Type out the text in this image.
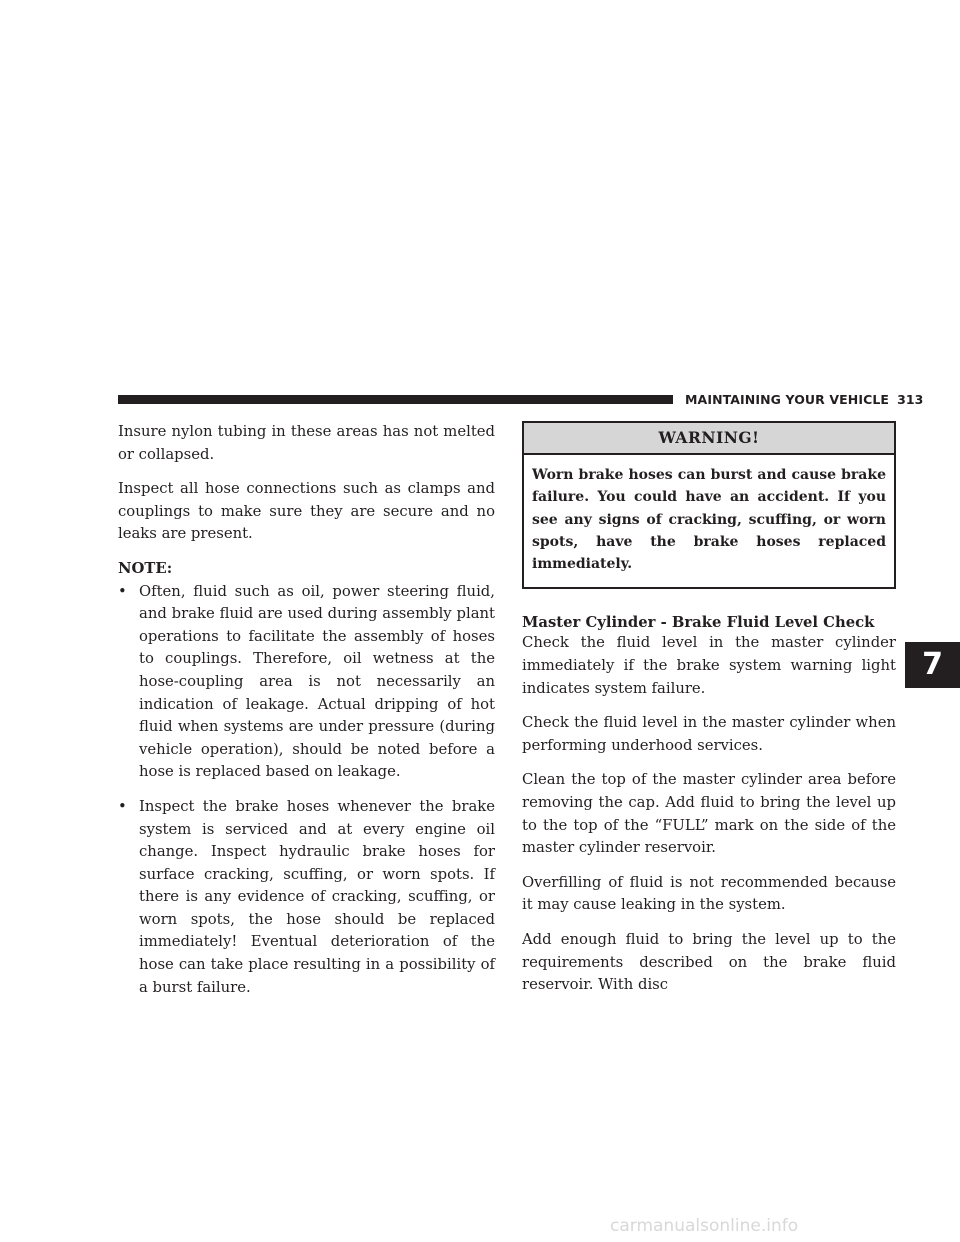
MAINTAINING YOUR VEHICLE 313

Insure nylon tubing in these areas has not melted or collapsed.

Inspect all hose connections such as clamps and couplings to make sure they are secure and no leaks are present.

NOTE:
• Often, fluid such as oil, power steering fluid, and brake fluid are used during assembly plant operations to facilitate the assembly of hoses to couplings. Therefore, oil wetness at the hose-coupling area is not necessarily an indication of leakage. Actual dripping of hot fluid when systems are under pressure (during vehicle operation), should be noted before a hose is replaced based on leakage.
• Inspect the brake hoses whenever the brake system is serviced and at every engine oil change. Inspect hydraulic brake hoses for surface cracking, scuffing, or worn spots. If there is any evidence of cracking, scuffing, or worn spots, the hose should be replaced immediately! Eventual deterioration of the hose can take place resulting in a possibility of a burst failure.
WARNING!
Worn brake hoses can burst and cause brake failure. You could have an accident. If you see any signs of cracking, scuffing, or worn spots, have the brake hoses replaced immediately.
Master Cylinder - Brake Fluid Level Check

Check the fluid level in the master cylinder immediately if the brake system warning light indicates system failure.

Check the fluid level in the master cylinder when performing underhood services.

Clean the top of the master cylinder area before removing the cap. Add fluid to bring the level up to the top of the “FULL” mark on the side of the master cylinder reservoir.

Overfilling of fluid is not recommended because it may cause leaking in the system.

Add enough fluid to bring the level up to the requirements described on the brake fluid reservoir. With disc

7
carmanualsonline.info
